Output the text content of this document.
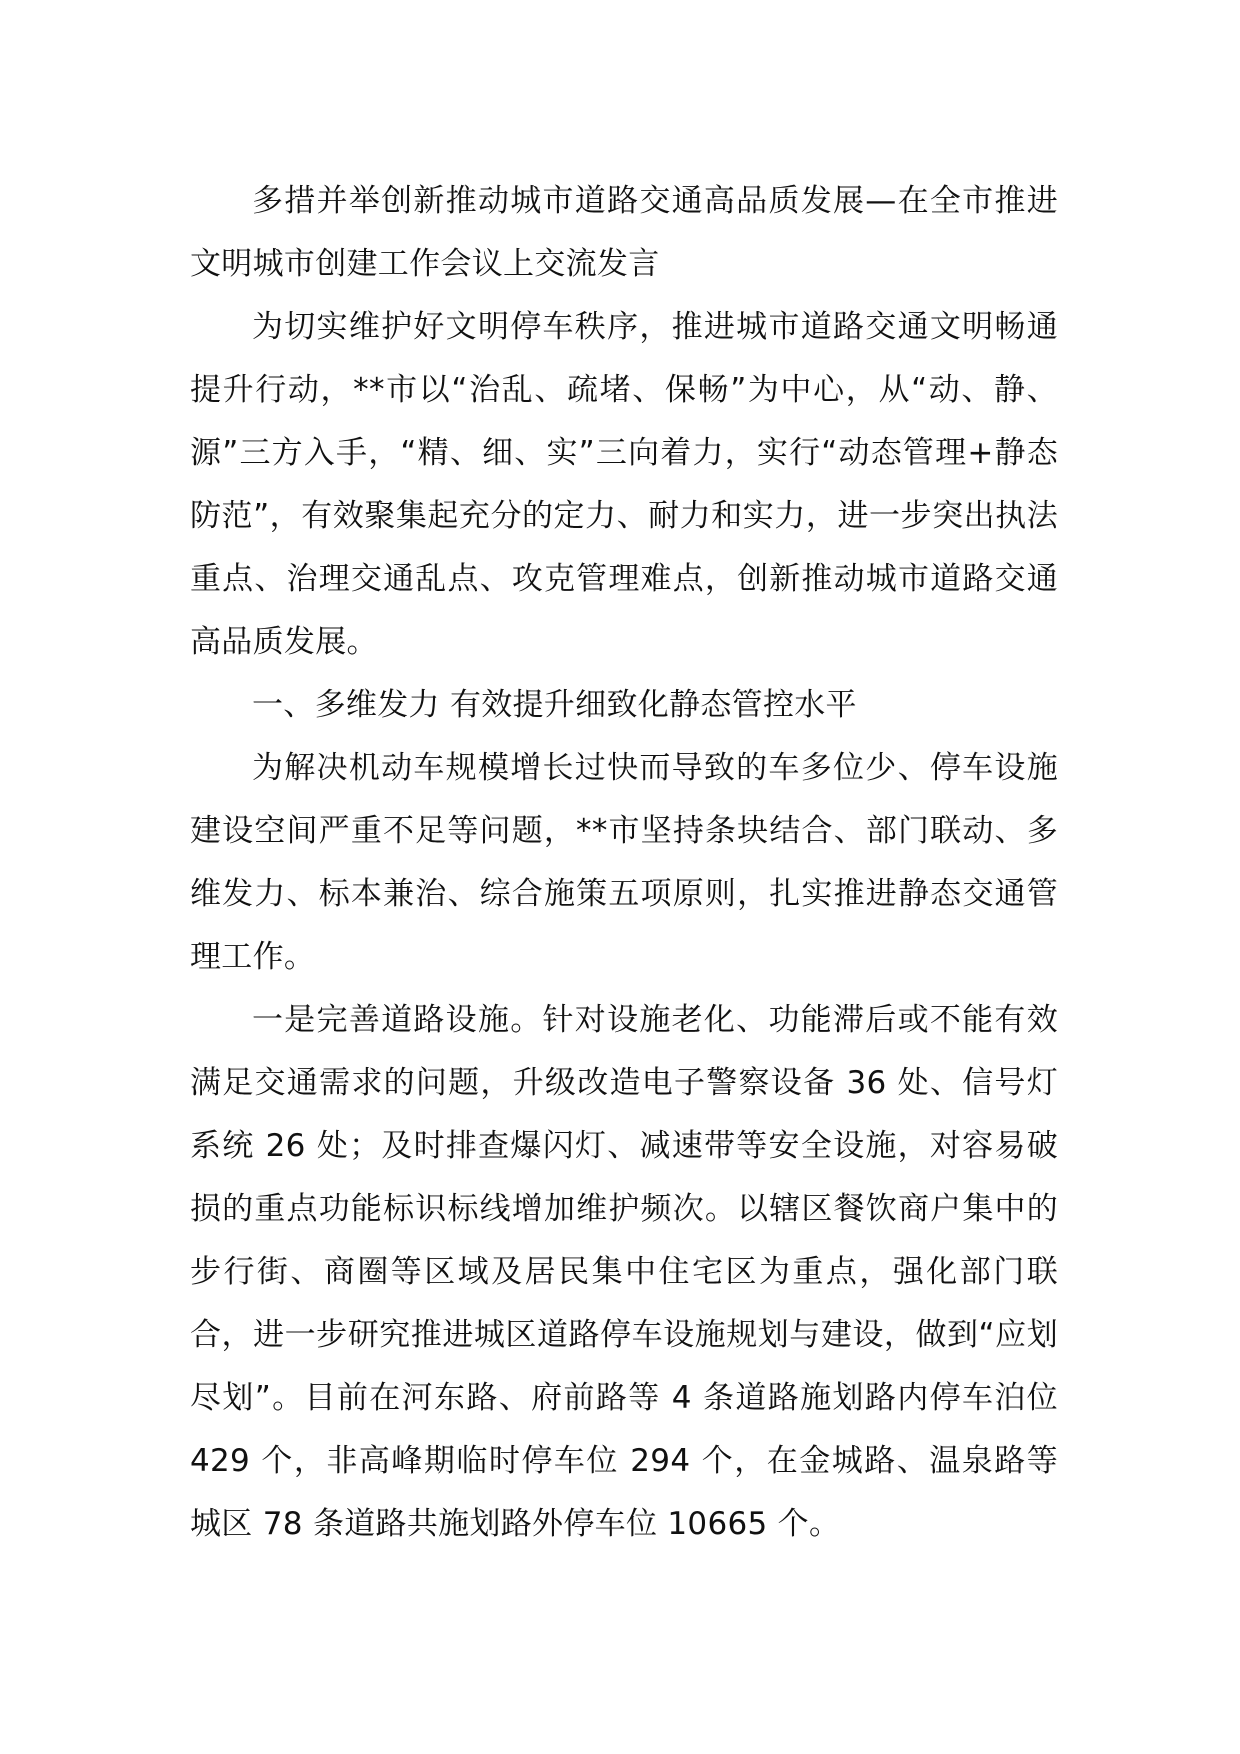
多措并举创新推动城市道路交通高品质发展—在全市推进文明城市创建工作会议上交流发言

为切实维护好文明停车秩序，推进城市道路交通文明畅通提升行动，**市以“治乱、疏堵、保畅”为中心，从“动、静、源”三方入手，“精、细、实”三向着力，实行“动态管理+静态防范”，有效聚集起充分的定力、耐力和实力，进一步突出执法重点、治理交通乱点、攻克管理难点，创新推动城市道路交通高品质发展。

一、多维发力 有效提升细致化静态管控水平

为解决机动车规模增长过快而导致的车多位少、停车设施建设空间严重不足等问题，**市坚持条块结合、部门联动、多维发力、标本兼治、综合施策五项原则，扎实推进静态交通管理工作。

一是完善道路设施。针对设施老化、功能滞后或不能有效满足交通需求的问题，升级改造电子警察设备 36 处、信号灯系统 26 处；及时排查爆闪灯、减速带等安全设施，对容易破损的重点功能标识标线增加维护频次。以辖区餐饮商户集中的步行街、商圈等区域及居民集中住宅区为重点，强化部门联合，进一步研究推进城区道路停车设施规划与建设，做到“应划尽划”。目前在河东路、府前路等 4 条道路施划路内停车泊位 429 个，非高峰期临时停车位 294 个，在金城路、温泉路等城区 78 条道路共施划路外停车位 10665 个。
